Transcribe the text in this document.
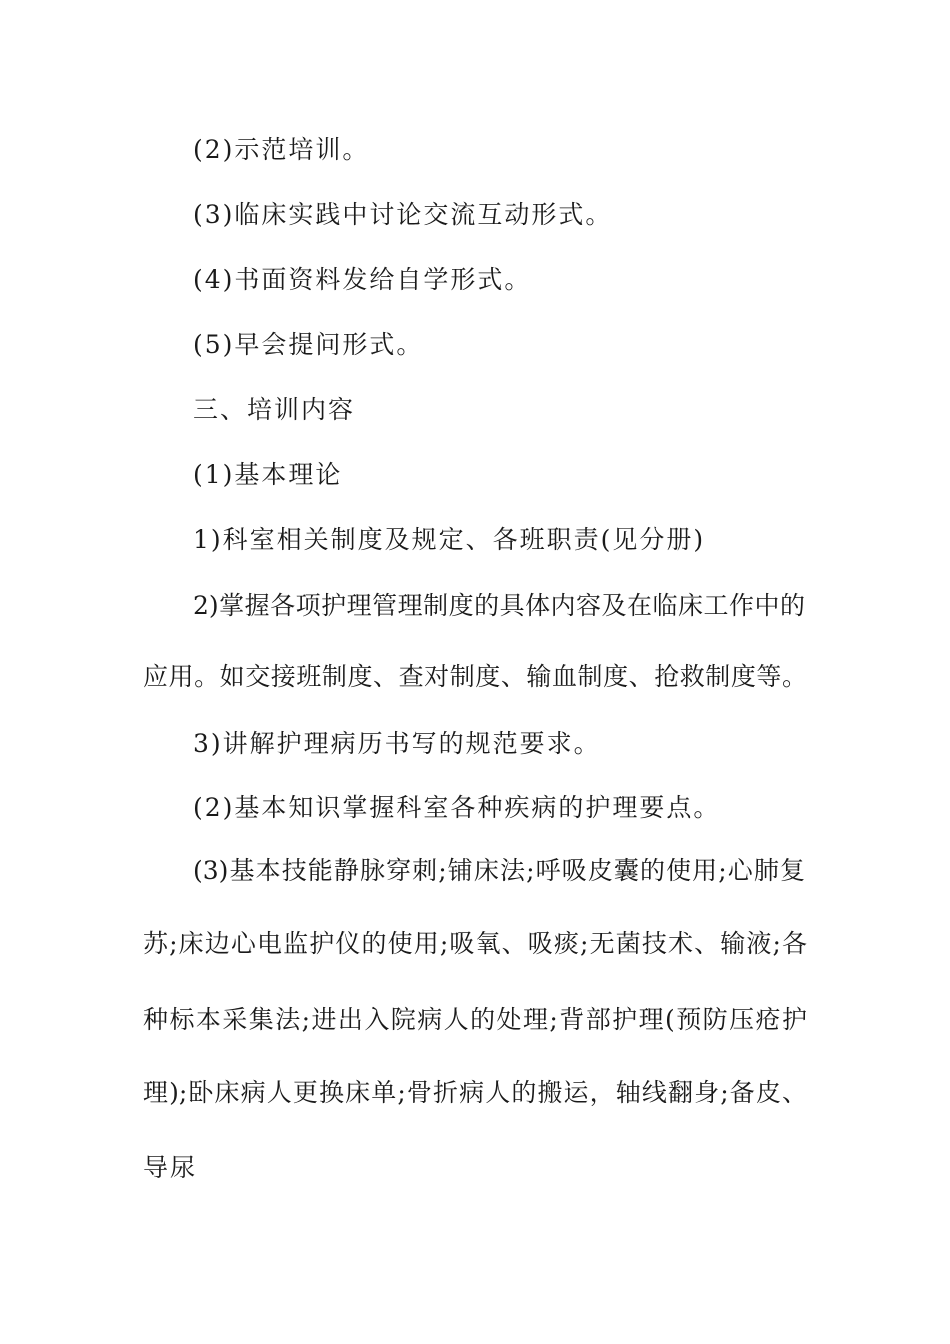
(2)示范培训。
(3)临床实践中讨论交流互动形式。
(4)书面资料发给自学形式。
(5)早会提问形式。
三、培训内容
(1)基本理论
1)科室相关制度及规定、各班职责(见分册)
2)掌握各项护理管理制度的具体内容及在临床工作中的
应用。如交接班制度、查对制度、输血制度、抢救制度等。
3)讲解护理病历书写的规范要求。
(2)基本知识掌握科室各种疾病的护理要点。
(3)基本技能静脉穿刺;铺床法;呼吸皮囊的使用;心肺复
苏;床边心电监护仪的使用;吸氧、吸痰;无菌技术、输液;各
种标本采集法;进出入院病人的处理;背部护理(预防压疮护
理);卧床病人更换床单;骨折病人的搬运，轴线翻身;备皮、
导尿
